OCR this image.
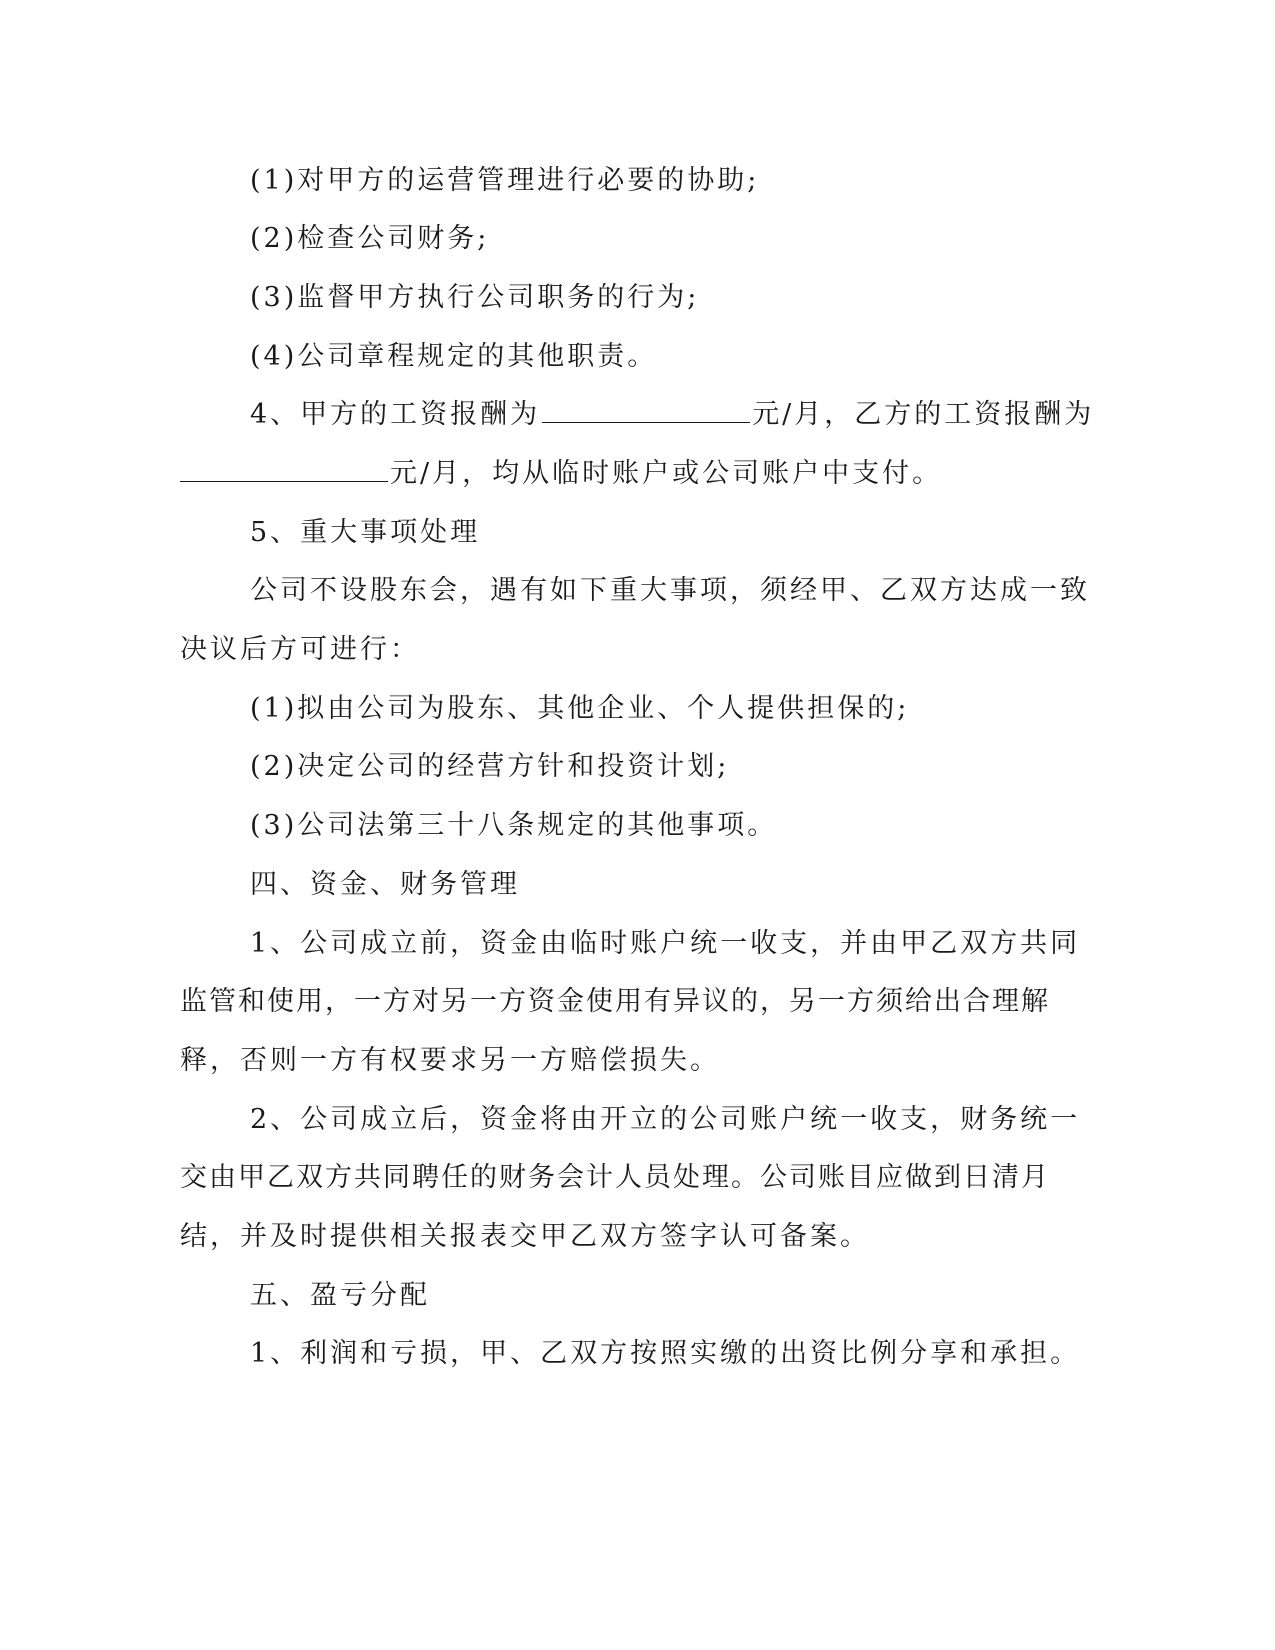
(1)对甲方的运营管理进行必要的协助;
(2)检查公司财务;
(3)监督甲方执行公司职务的行为;
(4)公司章程规定的其他职责。
4、甲方的工资报酬为	元/月，乙方的工资报酬为
元/月，均从临时账户或公司账户中支付。
5、重大事项处理
公司不设股东会，遇有如下重大事项，须经甲、乙双方达成一致
决议后方可进行：
(1)拟由公司为股东、其他企业、个人提供担保的;
(2)决定公司的经营方针和投资计划;
(3)公司法第三十八条规定的其他事项。
四、资金、财务管理
1、公司成立前，资金由临时账户统一收支，并由甲乙双方共同
监管和使用，一方对另一方资金使用有异议的，另一方须给出合理解
释，否则一方有权要求另一方赔偿损失。
2、公司成立后，资金将由开立的公司账户统一收支，财务统一
交由甲乙双方共同聘任的财务会计人员处理。公司账目应做到日清月
结，并及时提供相关报表交甲乙双方签字认可备案。
五、盈亏分配
1、利润和亏损，甲、乙双方按照实缴的出资比例分享和承担。
